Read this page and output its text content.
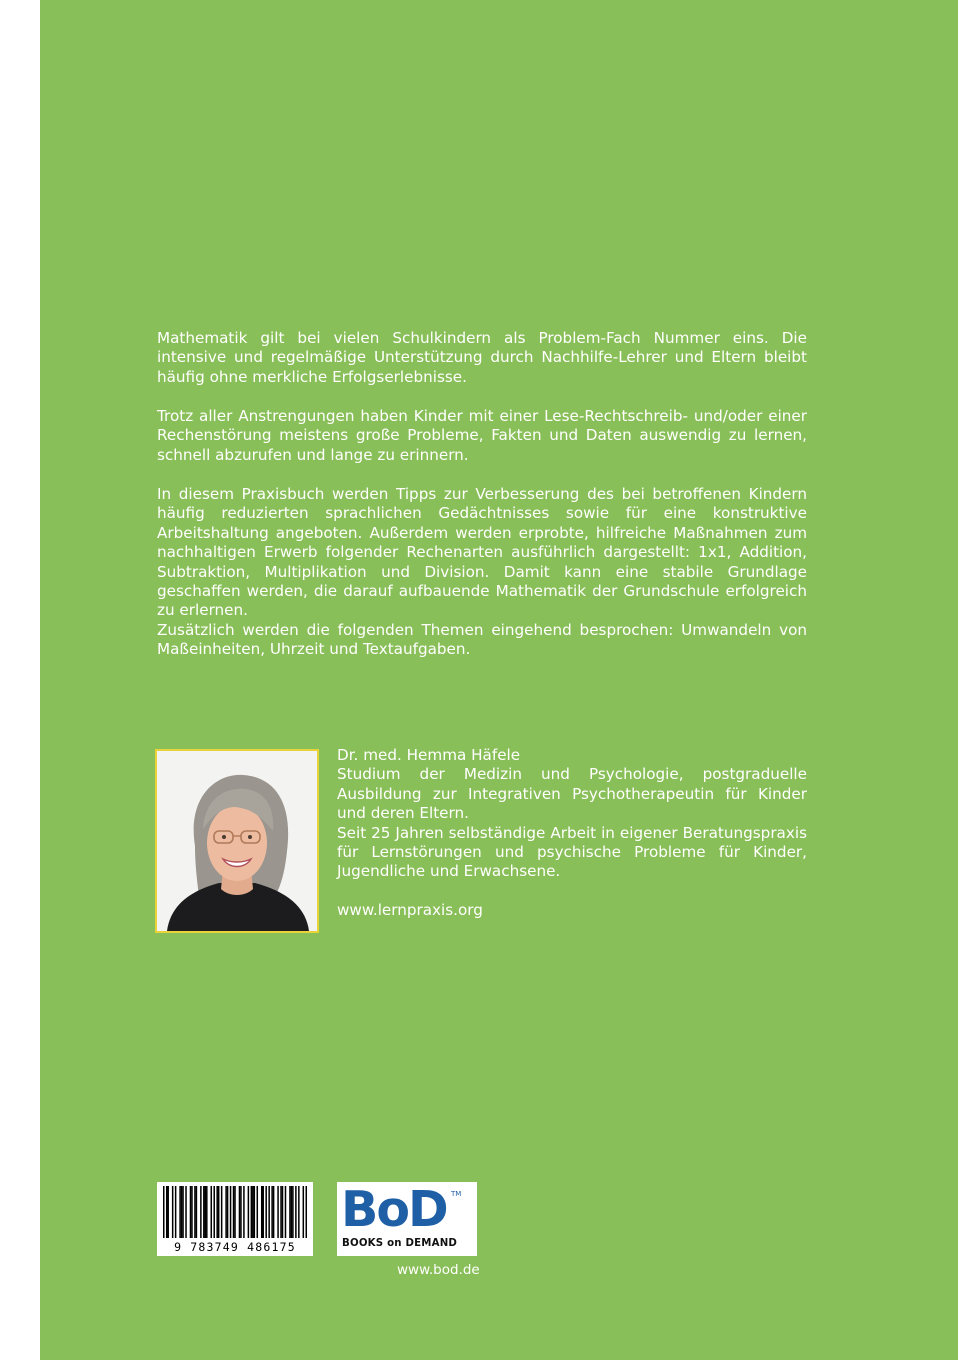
Mathematik gilt bei vielen Schulkindern als Problem-Fach Nummer eins. Die intensive und regelmäßige Unterstützung durch Nachhilfe-Lehrer und Eltern bleibt häufig ohne merkliche Erfolgserlebnisse.

Trotz aller Anstrengungen haben Kinder mit einer Lese-Rechtschreib- und/oder einer Rechenstörung meistens große Probleme, Fakten und Daten auswendig zu lernen, schnell abzurufen und lange zu erinnern.

In diesem Praxisbuch werden Tipps zur Verbesserung des bei betroffenen Kindern häufig reduzierten sprachlichen Gedächtnisses sowie für eine konstruktive Arbeitshaltung angeboten. Außerdem werden erprobte, hilfreiche Maßnahmen zum nachhaltigen Erwerb folgender Rechenarten ausführlich dargestellt: 1x1, Addition, Subtraktion, Multiplikation und Division. Damit kann eine stabile Grundlage geschaffen werden, die darauf aufbauende Mathematik der Grundschule erfolgreich zu erlernen.

Zusätzlich werden die folgenden Themen eingehend besprochen: Umwandeln von Maßeinheiten, Uhrzeit und Textaufgaben.

Dr. med. Hemma Häfele

Studium der Medizin und Psychologie, postgraduelle Ausbildung zur Integrativen Psychotherapeutin für Kinder und deren Eltern.

Seit 25 Jahren selbständige Arbeit in eigener Beratungspraxis für Lernstörungen und psychische Probleme für Kinder, Jugendliche und Erwachsene.

www.lernpraxis.org

9 783749 486175
BoD TM
BOOKS on DEMAND
www.bod.de
